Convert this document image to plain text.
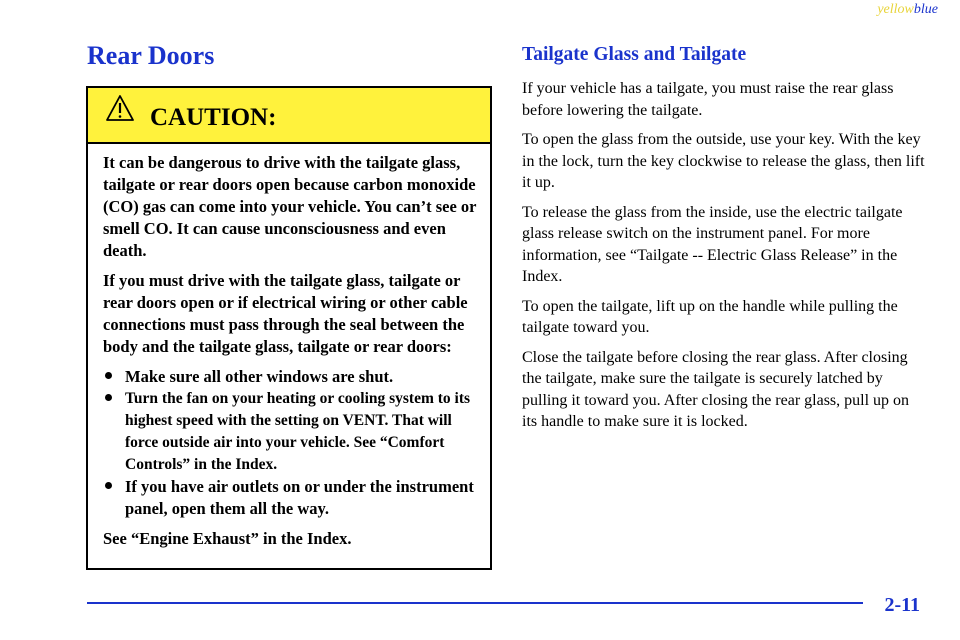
yellowblue
Rear Doors
CAUTION:

It can be dangerous to drive with the tailgate glass, tailgate or rear doors open because carbon monoxide (CO) gas can come into your vehicle. You can’t see or smell CO. It can cause unconsciousness and even death.

If you must drive with the tailgate glass, tailgate or rear doors open or if electrical wiring or other cable connections must pass through the seal between the body and the tailgate glass, tailgate or rear doors:

Make sure all other windows are shut.
Turn the fan on your heating or cooling system to its highest speed with the setting on VENT. That will force outside air into your vehicle. See “Comfort Controls” in the Index.
If you have air outlets on or under the instrument panel, open them all the way.

See “Engine Exhaust” in the Index.

Tailgate Glass and Tailgate

If your vehicle has a tailgate, you must raise the rear glass before lowering the tailgate.

To open the glass from the outside, use your key. With the key in the lock, turn the key clockwise to release the glass, then lift it up.

To release the glass from the inside, use the electric tailgate glass release switch on the instrument panel. For more information, see “Tailgate -- Electric Glass Release” in the Index.

To open the tailgate, lift up on the handle while pulling the tailgate toward you.

Close the tailgate before closing the rear glass. After closing the tailgate, make sure the tailgate is securely latched by pulling it toward you. After closing the rear glass, pull up on its handle to make sure it is locked.

2-11
